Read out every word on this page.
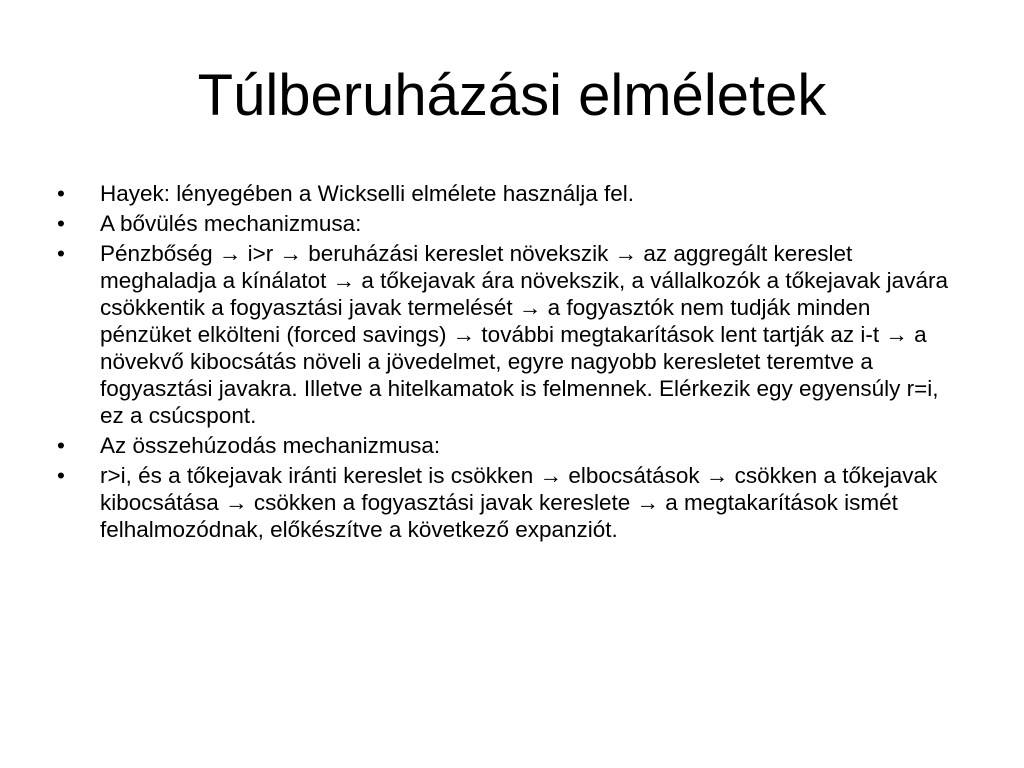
Túlberuházási elméletek
•	Hayek: lényegében a Wickselli elmélete használja fel.
•	A bővülés mechanizmusa:
•	Pénzbőség → i>r → beruházási kereslet növekszik → az aggregált kereslet meghaladja a kínálatot → a tőkejavak ára növekszik, a vállalkozók a tőkejavak javára csökkentik a fogyasztási javak termelését → a fogyasztók nem tudják minden pénzüket elkölteni (forced savings) → további megtakarítások lent tartják az i-t → a növekvő kibocsátás növeli a jövedelmet, egyre nagyobb keresletet teremtve a fogyasztási javakra. Illetve a hitelkamatok is felmennek. Elérkezik egy egyensúly r=i, ez a csúcspont.
•	Az összehúzodás mechanizmusa:
•	r>i, és a tőkejavak iránti kereslet is csökken → elbocsátások → csökken a tőkejavak kibocsátása → csökken a fogyasztási javak kereslete → a megtakarítások ismét felhalmozódnak, előkészítve a következő expanziót.
